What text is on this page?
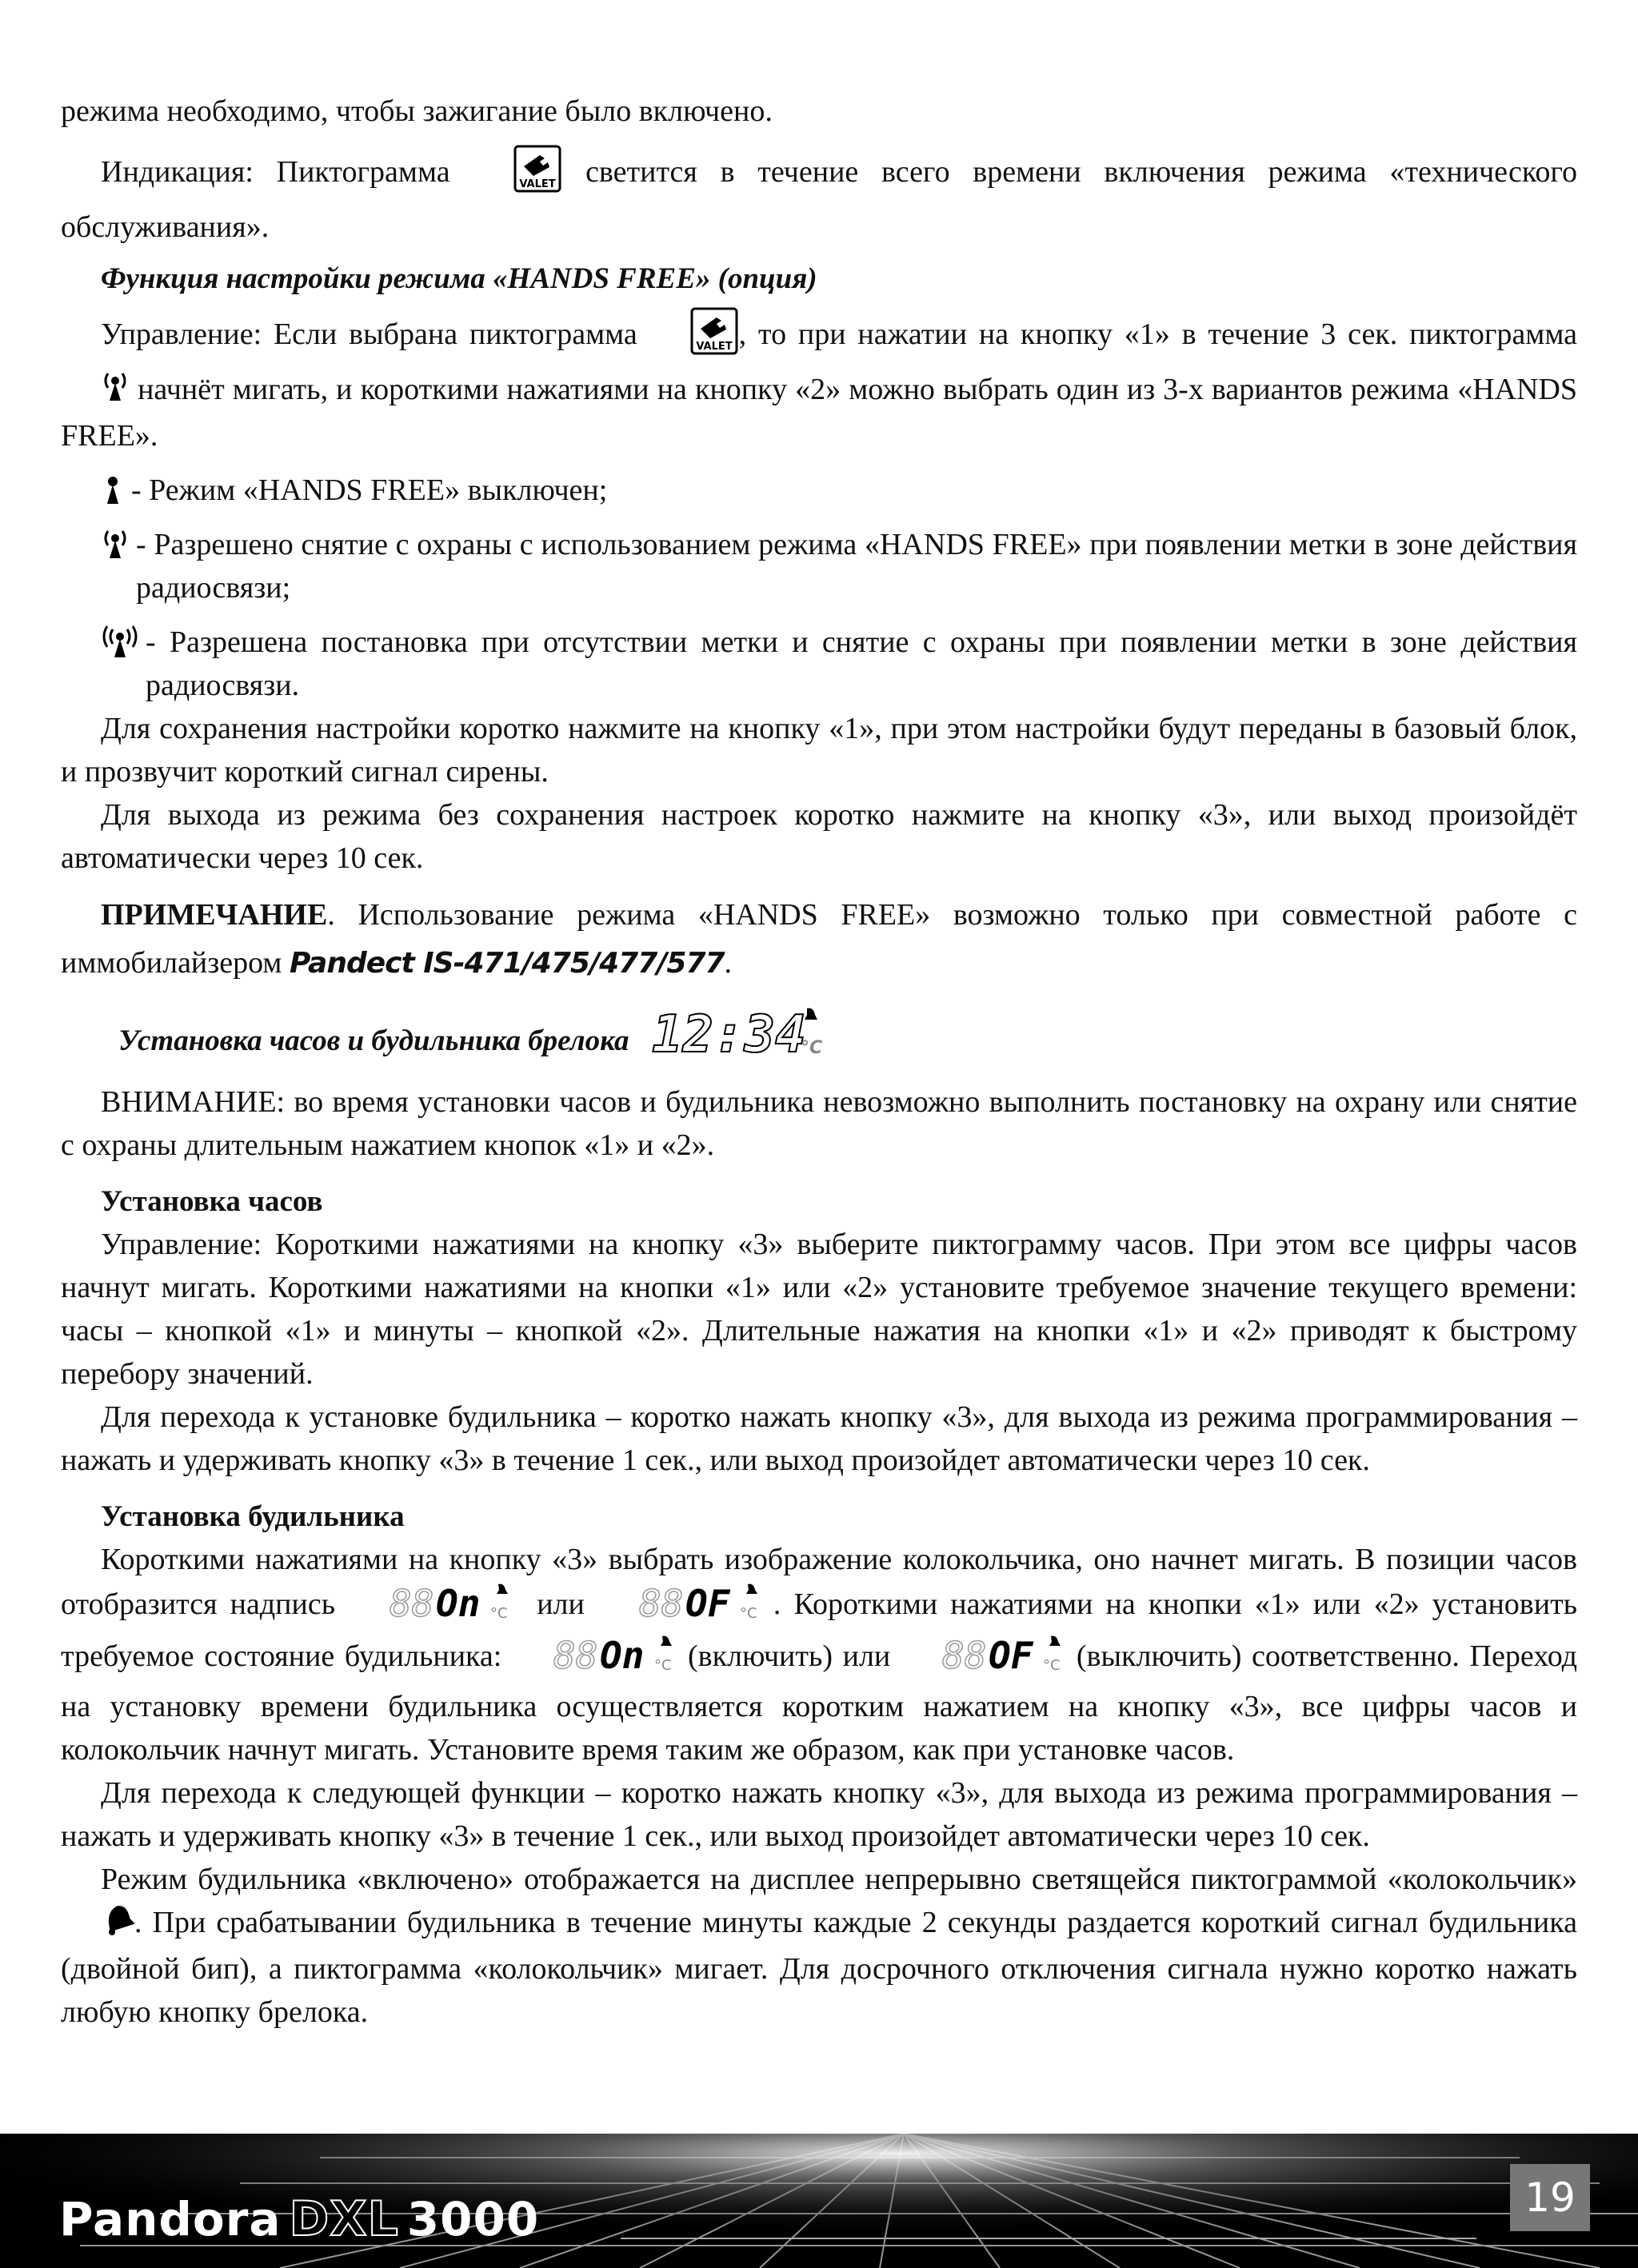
режима необходимо, чтобы зажигание было включено.

Индикация: Пиктограмма	VALET светится в течение всего времени включения режима «технического обслуживания».

Функция настройки режима «HANDS FREE» (опция)

Управление: Если выбрана пиктограмма	VALET , то при нажатии на кнопку «1» в течение 3 сек. пиктограмма  начнёт мигать, и короткими нажатиями на кнопку «2» можно выбрать один из 3-х вариантов режима «HANDS FREE».

- Режим «HANDS FREE» выключен;

- Разрешено снятие с охраны с использованием режима «HANDS FREE» при появлении метки в зоне действия радиосвязи;

- Разрешена постановка при отсутствии метки и снятие с охраны при появлении метки в зоне действия радиосвязи.

Для сохранения настройки коротко нажмите на кнопку «1», при этом настройки будут переданы в базовый блок, и прозвучит короткий сигнал сирены.

Для выхода из режима без сохранения настроек коротко нажмите на кнопку «3», или выход произойдёт автоматически через 10 сек.

ПРИМЕЧАНИЕ. Использование режима «HANDS FREE» возможно только при совместной работе с иммобилайзером Pandect IS-471/475/477/577.

Установка часов и будильника брелока 12:34
°C

ВНИМАНИЕ: во время установки часов и будильника невозможно выполнить постановку на охрану или снятие с охраны длительным нажатием кнопок «1» и «2».

Установка часов

Управление: Короткими нажатиями на кнопку «3» выберите пиктограмму часов. При этом все цифры часов начнут мигать. Короткими нажатиями на кнопки «1» или «2» установите требуемое значение текущего времени: часы – кнопкой «1» и минуты – кнопкой «2». Длительные нажатия на кнопки «1» и «2» приводят к быстрому перебору значений.

Для перехода к установке будильника – коротко нажать кнопку «3», для выхода из режима программирования – нажать и удерживать кнопку «3» в течение 1 сек., или выход произойдет автоматически через 10 сек.

Установка будильника

Короткими нажатиями на кнопку «3» выбрать изображение колокольчика, оно начнет мигать. В позиции часов отобразится надпись 88 On °C или 88 OF °C . Короткими нажатиями на кнопки «1» или «2» установить требуемое состояние будильника: 88 On °C (включить) или 88 OF °C (выключить) соответственно. Переход на установку времени будильника осуществляется коротким нажатием на кнопку «3», все цифры часов и колокольчик начнут мигать. Установите время таким же образом, как при установке часов.

Для перехода к следующей функции – коротко нажать кнопку «3», для выхода из режима программирования – нажать и удерживать кнопку «3» в течение 1 сек., или выход произойдет автоматически через 10 сек.

Режим будильника «включено» отображается на дисплее непрерывно светящейся пиктограммой «колокольчик» . При срабатывании будильника в течение минуты каждые 2 секунды раздается короткий сигнал будильника (двойной бип), а пиктограмма «колокольчик» мигает. Для досрочного отключения сигнала нужно коротко нажать любую кнопку брелока.

Pandora DXL 3000	19
